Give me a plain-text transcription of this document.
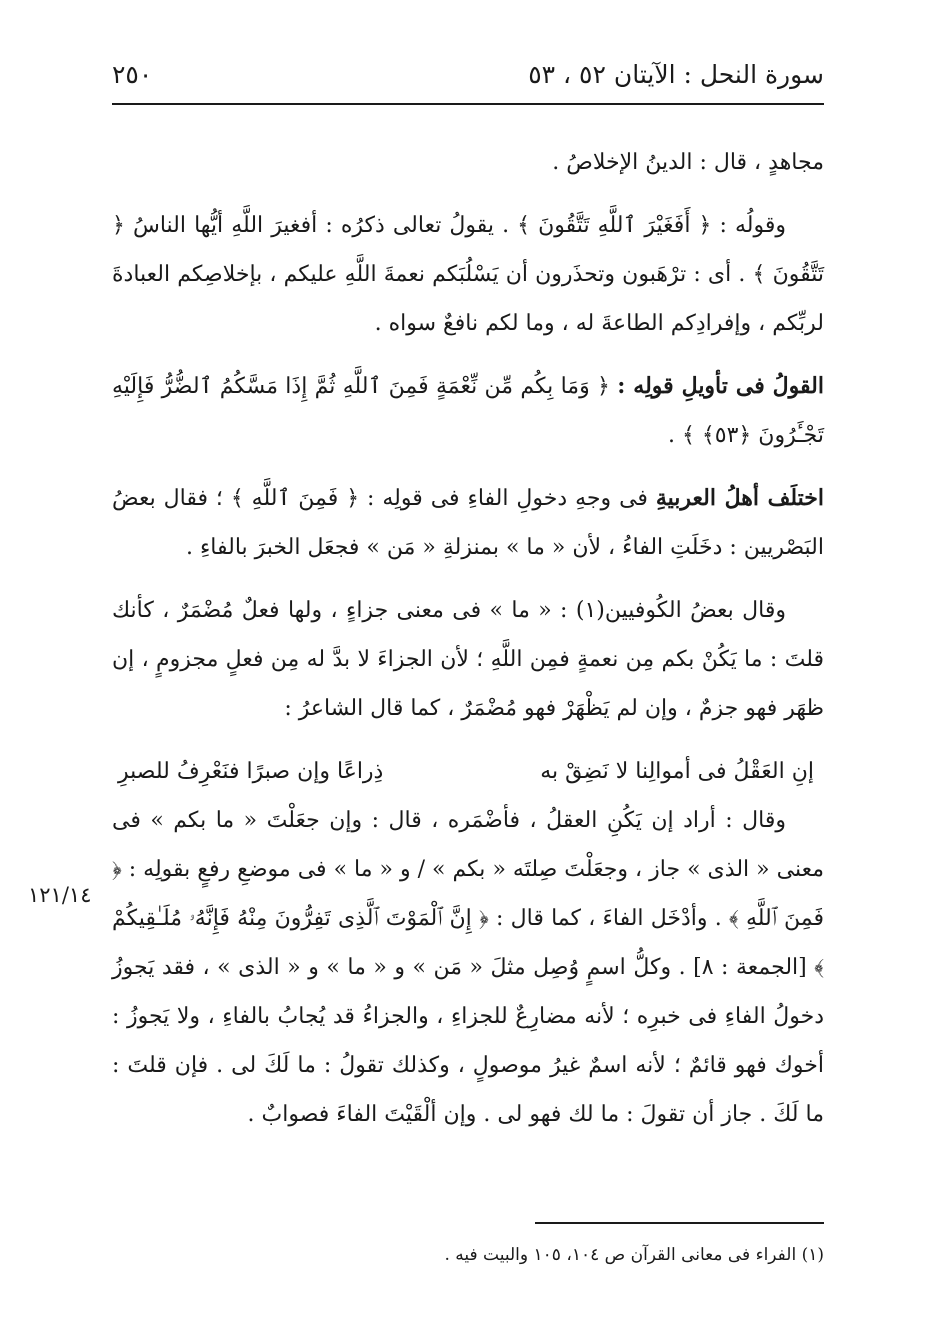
٢٥٠	سورة النحل : الآيتان ٥٢ ، ٥٣
١٢١/١٤

مجاهدٍ ، قال : الدينُ الإخلاصُ .

وقولُه : ﴿ أَفَغَيْرَ ٱللَّهِ تَتَّقُونَ ﴾ . يقولُ تعالى ذكرُه : أفغيرَ اللَّهِ أيُّها الناسُ ﴿ تَتَّقُونَ ﴾ . أى : ترْهَبون وتحذَرون أن يَسْلُبَكم نعمةَ اللَّهِ عليكم ، بإخلاصِكم العبادةَ لربِّكم ، وإفرادِكم الطاعةَ له ، وما لكم نافعٌ سواه .

القولُ فى تأويلِ قولِه : ﴿ وَمَا بِكُم مِّن نِّعْمَةٍ فَمِنَ ٱللَّهِ ثُمَّ إِذَا مَسَّكُمُ ٱلضُّرُّ فَإِلَيْهِ تَجْـَٔرُونَ ﴿٥٣﴾ ﴾ .

اختلَف أهلُ العربيةِ فى وجهِ دخولِ الفاءِ فى قولِه : ﴿ فَمِنَ ٱللَّهِ ﴾ ؛ فقال بعضُ البَصْريين : دخَلَتِ الفاءُ ، لأن « ما » بمنزلةِ « مَن » فجعَل الخبرَ بالفاءِ .

وقال بعضُ الكُوفيين(١) : « ما » فى معنى جزاءٍ ، ولها فعلٌ مُضْمَرٌ ، كأنك قلتَ : ما يَكُنْ بكم مِن نعمةٍ فمِن اللَّهِ ؛ لأن الجزاءَ لا بدَّ له مِن فعلٍ مجزومٍ ، إن ظهَر فهو جزمٌ ، وإن لم يَظْهَرْ فهو مُضْمَرٌ ، كما قال الشاعرُ :

إنِ العَقْلُ فى أموالِنا لا نَضِقْ به
ذِراعًا وإن صبرًا فنَعْرِفُ للصبرِ

وقال : أراد إن يَكُنِ العقلُ ، فأضْمَره ، قال : وإن جعَلْتَ « ما بكم » فى معنى « الذى » جاز ، وجعَلْتَ صِلتَه « بكم » / و « ما » فى موضعِ رفعٍ بقولِه : ﴿ فَمِنَ ٱللَّهِ ﴾ . وأدْخَل الفاءَ ، كما قال : ﴿ إِنَّ ٱلْمَوْتَ ٱلَّذِى تَفِرُّونَ مِنْهُ فَإِنَّهُۥ مُلَـٰقِيكُمْ ﴾ [الجمعة : ٨] . وكلُّ اسمٍ وُصِل مثلَ « مَن » و « ما » و « الذى » ، فقد يَجوزُ دخولُ الفاءِ فى خبرِه ؛ لأنه مضارِعٌ للجزاءِ ، والجزاءُ قد يُجابُ بالفاءِ ، ولا يَجوزُ : أخوك فهو قائمٌ ؛ لأنه اسمٌ غيرُ موصولٍ ، وكذلك تقولُ : ما لَكَ لى . فإن قلتَ : ما لَكَ . جاز أن تقولَ : ما لك فهو لى . وإن ألْقَيْتَ الفاءَ فصوابٌ .

(١) الفراء فى معانى القرآن ص ١٠٤، ١٠٥ والبيت فيه .
